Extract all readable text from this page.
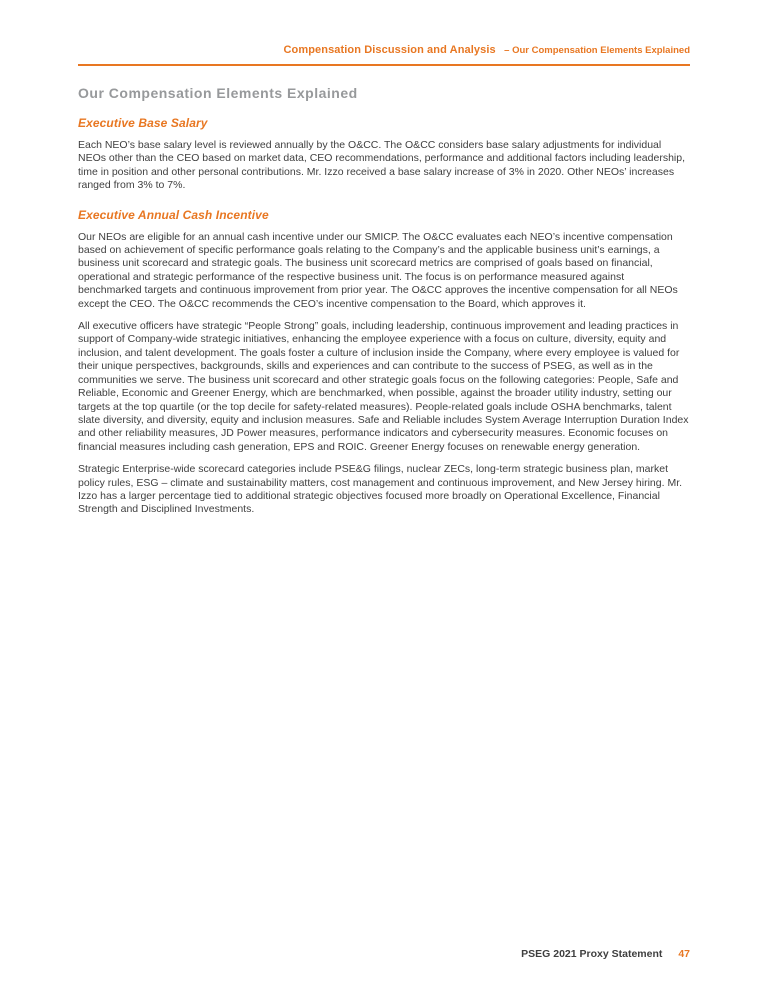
Compensation Discussion and Analysis – Our Compensation Elements Explained
Our Compensation Elements Explained
Executive Base Salary

Each NEO’s base salary level is reviewed annually by the O&CC. The O&CC considers base salary adjustments for individual NEOs other than the CEO based on market data, CEO recommendations, performance and additional factors including leadership, time in position and other personal contributions. Mr. Izzo received a base salary increase of 3% in 2020. Other NEOs’ increases ranged from 3% to 7%.

Executive Annual Cash Incentive

Our NEOs are eligible for an annual cash incentive under our SMICP. The O&CC evaluates each NEO’s incentive compensation based on achievement of specific performance goals relating to the Company’s and the applicable business unit’s earnings, a business unit scorecard and strategic goals. The business unit scorecard metrics are comprised of goals based on financial, operational and strategic performance of the respective business unit. The focus is on performance measured against benchmarked targets and continuous improvement from prior year. The O&CC approves the incentive compensation for all NEOs except the CEO. The O&CC recommends the CEO’s incentive compensation to the Board, which approves it.

All executive officers have strategic “People Strong” goals, including leadership, continuous improvement and leading practices in support of Company-wide strategic initiatives, enhancing the employee experience with a focus on culture, diversity, equity and inclusion, and talent development. The goals foster a culture of inclusion inside the Company, where every employee is valued for their unique perspectives, backgrounds, skills and experiences and can contribute to the success of PSEG, as well as in the communities we serve. The business unit scorecard and other strategic goals focus on the following categories: People, Safe and Reliable, Economic and Greener Energy, which are benchmarked, when possible, against the broader utility industry, setting our targets at the top quartile (or the top decile for safety-related measures). People-related goals include OSHA benchmarks, talent slate diversity, and diversity, equity and inclusion measures. Safe and Reliable includes System Average Interruption Duration Index and other reliability measures, JD Power measures, performance indicators and cybersecurity measures. Economic focuses on financial measures including cash generation, EPS and ROIC. Greener Energy focuses on renewable energy generation.

Strategic Enterprise-wide scorecard categories include PSE&G filings, nuclear ZECs, long-term strategic business plan, market policy rules, ESG – climate and sustainability matters, cost management and continuous improvement, and New Jersey hiring. Mr. Izzo has a larger percentage tied to additional strategic objectives focused more broadly on Operational Excellence, Financial Strength and Disciplined Investments.

PSEG 2021 Proxy Statement 47
